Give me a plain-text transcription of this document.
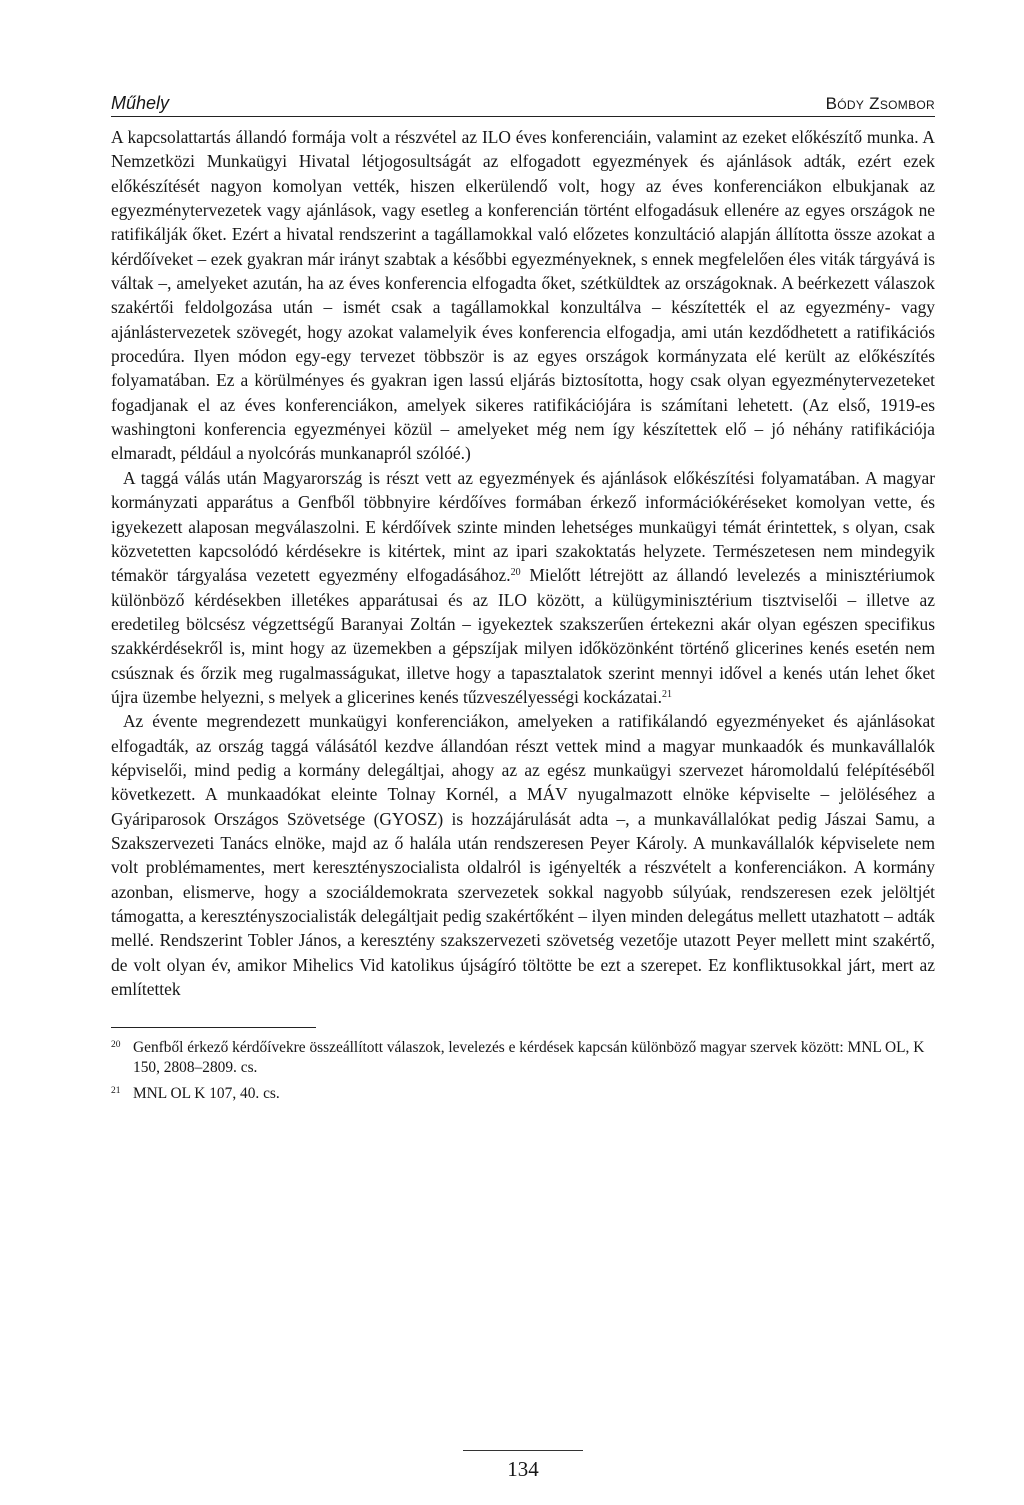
Műhely	Bódy Zsombor

A kapcsolattartás állandó formája volt a részvétel az ILO éves konferenciáin, valamint az ezeket előkészítő munka. A Nemzetközi Munkaügyi Hivatal létjogosultságát az elfogadott egyezmények és ajánlások adták, ezért ezek előkészítését nagyon komolyan vették, hiszen elkerülendő volt, hogy az éves konferenciákon elbukjanak az egyezménytervezetek vagy ajánlások, vagy esetleg a konferencián történt elfogadásuk ellenére az egyes országok ne ratifikálják őket. Ezért a hivatal rendszerint a tagállamokkal való előzetes konzultáció alapján állította össze azokat a kérdőíveket – ezek gyakran már irányt szabtak a későbbi egyezményeknek, s ennek megfelelően éles viták tárgyává is váltak –, amelyeket azután, ha az éves konferencia elfogadta őket, szétküldtek az országoknak. A beérkezett válaszok szakértői feldolgozása után – ismét csak a tagállamokkal konzultálva – készítették el az egyezmény- vagy ajánlástervezetek szövegét, hogy azokat valamelyik éves konferencia elfogadja, ami után kezdődhetett a ratifikációs procedúra. Ilyen módon egy-egy tervezet többször is az egyes országok kormányzata elé került az előkészítés folyamatában. Ez a körülményes és gyakran igen lassú eljárás biztosította, hogy csak olyan egyezménytervezeteket fogadjanak el az éves konferenciákon, amelyek sikeres ratifikációjára is számítani lehetett. (Az első, 1919-es washingtoni konferencia egyezményei közül – amelyeket még nem így készítettek elő – jó néhány ratifikációja elmaradt, például a nyolcórás munkanapról szólóé.)

A taggá válás után Magyarország is részt vett az egyezmények és ajánlások előkészítési folyamatában. A magyar kormányzati apparátus a Genfből többnyire kérdőíves formában érkező információkéréseket komolyan vette, és igyekezett alaposan megválaszolni. E kérdőívek szinte minden lehetséges munkaügyi témát érintettek, s olyan, csak közvetetten kapcsolódó kérdésekre is kitértek, mint az ipari szakoktatás helyzete. Természetesen nem mindegyik témakör tárgyalása vezetett egyezmény elfogadásához.$^{20}$ Mielőtt létrejött az állandó levelezés a minisztériumok különböző kérdésekben illetékes apparátusai és az ILO között, a külügyminisztérium tisztviselői – illetve az eredetileg bölcsész végzettségű Baranyai Zoltán – igyekeztek szakszerűen értekezni akár olyan egészen specifikus szakkérdésekről is, mint hogy az üzemekben a gépszíjak milyen időközönként történő glicerines kenés esetén nem csúsznak és őrzik meg rugalmasságukat, illetve hogy a tapasztalatok szerint mennyi idővel a kenés után lehet őket újra üzembe helyezni, s melyek a glicerines kenés tűzveszélyességi kockázatai.$^{21}$

Az évente megrendezett munkaügyi konferenciákon, amelyeken a ratifikálandó egyezményeket és ajánlásokat elfogadták, az ország taggá válásától kezdve állandóan részt vettek mind a magyar munkaadók és munkavállalók képviselői, mind pedig a kormány delegáltjai, ahogy az az egész munkaügyi szervezet háromoldalú felépítéséből következett. A munkaadókat eleinte Tolnay Kornél, a MÁV nyugalmazott elnöke képviselte – jelöléséhez a Gyáriparosok Országos Szövetsége (GYOSZ) is hozzájárulását adta –, a munkavállalókat pedig Jászai Samu, a Szakszervezeti Tanács elnöke, majd az ő halála után rendszeresen Peyer Károly. A munkavállalók képviselete nem volt problémamentes, mert keresztényszocialista oldalról is igényelték a részvételt a konferenciákon. A kormány azonban, elismerve, hogy a szociáldemokrata szervezetek sokkal nagyobb súlyúak, rendszeresen ezek jelöltjét támogatta, a keresztényszocialisták delegáltjait pedig szakértőként – ilyen minden delegátus mellett utazhatott – adták mellé. Rendszerint Tobler János, a keresztény szakszervezeti szövetség vezetője utazott Peyer mellett mint szakértő, de volt olyan év, amikor Mihelics Vid katolikus újságíró töltötte be ezt a szerepet. Ez konfliktusokkal járt, mert az említettek

20 Genfből érkező kérdőívekre összeállított válaszok, levelezés e kérdések kapcsán különböző magyar szervek között: MNL OL, K 150, 2808–2809. cs.
21 MNL OL K 107, 40. cs.
134
